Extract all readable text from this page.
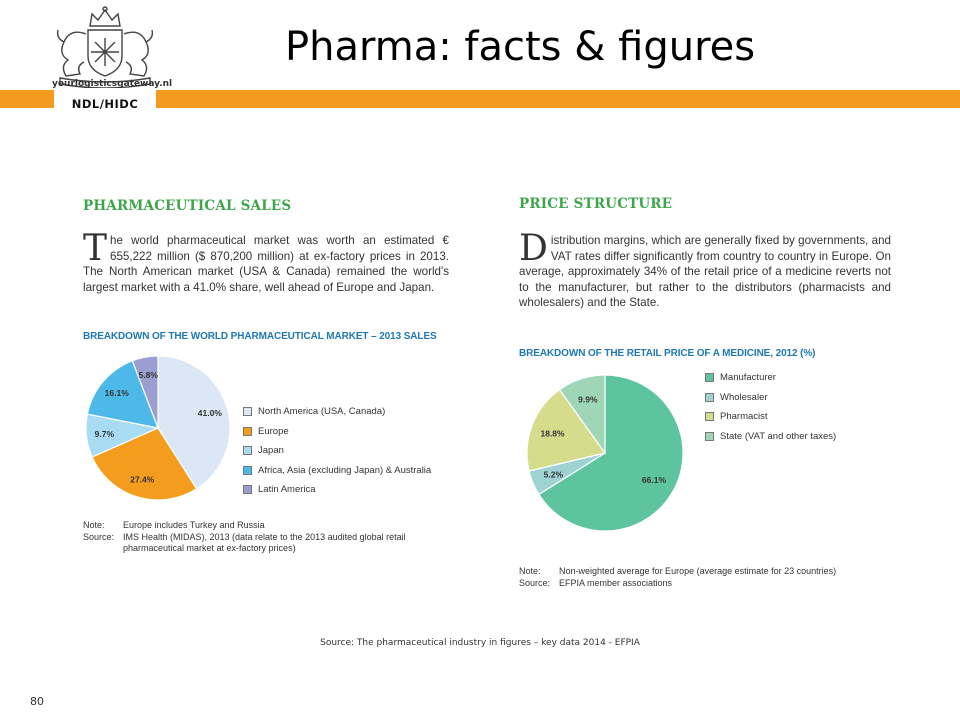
yourlogisticsgateway.nl
NDL/HIDC
Pharma: facts & figures
PHARMACEUTICAL SALES
The world pharmaceutical market was worth an estimated € 655,222 million ($ 870,200 million) at ex-factory prices in 2013. The North American market (USA & Canada) remained the world's largest market with a 41.0% share, well ahead of Europe and Japan.
BREAKDOWN OF THE WORLD PHARMACEUTICAL MARKET – 2013 SALES
41.0%
27.4%
9.7%
16.1%
5.8%
North America (USA, Canada)
Europe
Japan
Africa, Asia (excluding Japan) & Australia
Latin America
Note:	Europe includes Turkey and Russia
Source: IMS Health (MIDAS), 2013 (data relate to the 2013 audited global retail pharmaceutical market at ex-factory prices)
PRICE STRUCTURE
Distribution margins, which are generally fixed by governments, and VAT rates differ significantly from country to country in Europe. On average, approximately 34% of the retail price of a medicine reverts not to the manufacturer, but rather to the distributors (pharmacists and wholesalers) and the State.
BREAKDOWN OF THE RETAIL PRICE OF A MEDICINE, 2012 (%)
66.1%
5.2%
18.8%
9.9%
Manufacturer
Wholesaler
Pharmacist
State (VAT and other taxes)
Note:	Non-weighted average for Europe (average estimate for 23 countries)
Source: EFPIA member associations
Source: The pharmaceutical industry in figures – key data 2014 - EFPIA
80
